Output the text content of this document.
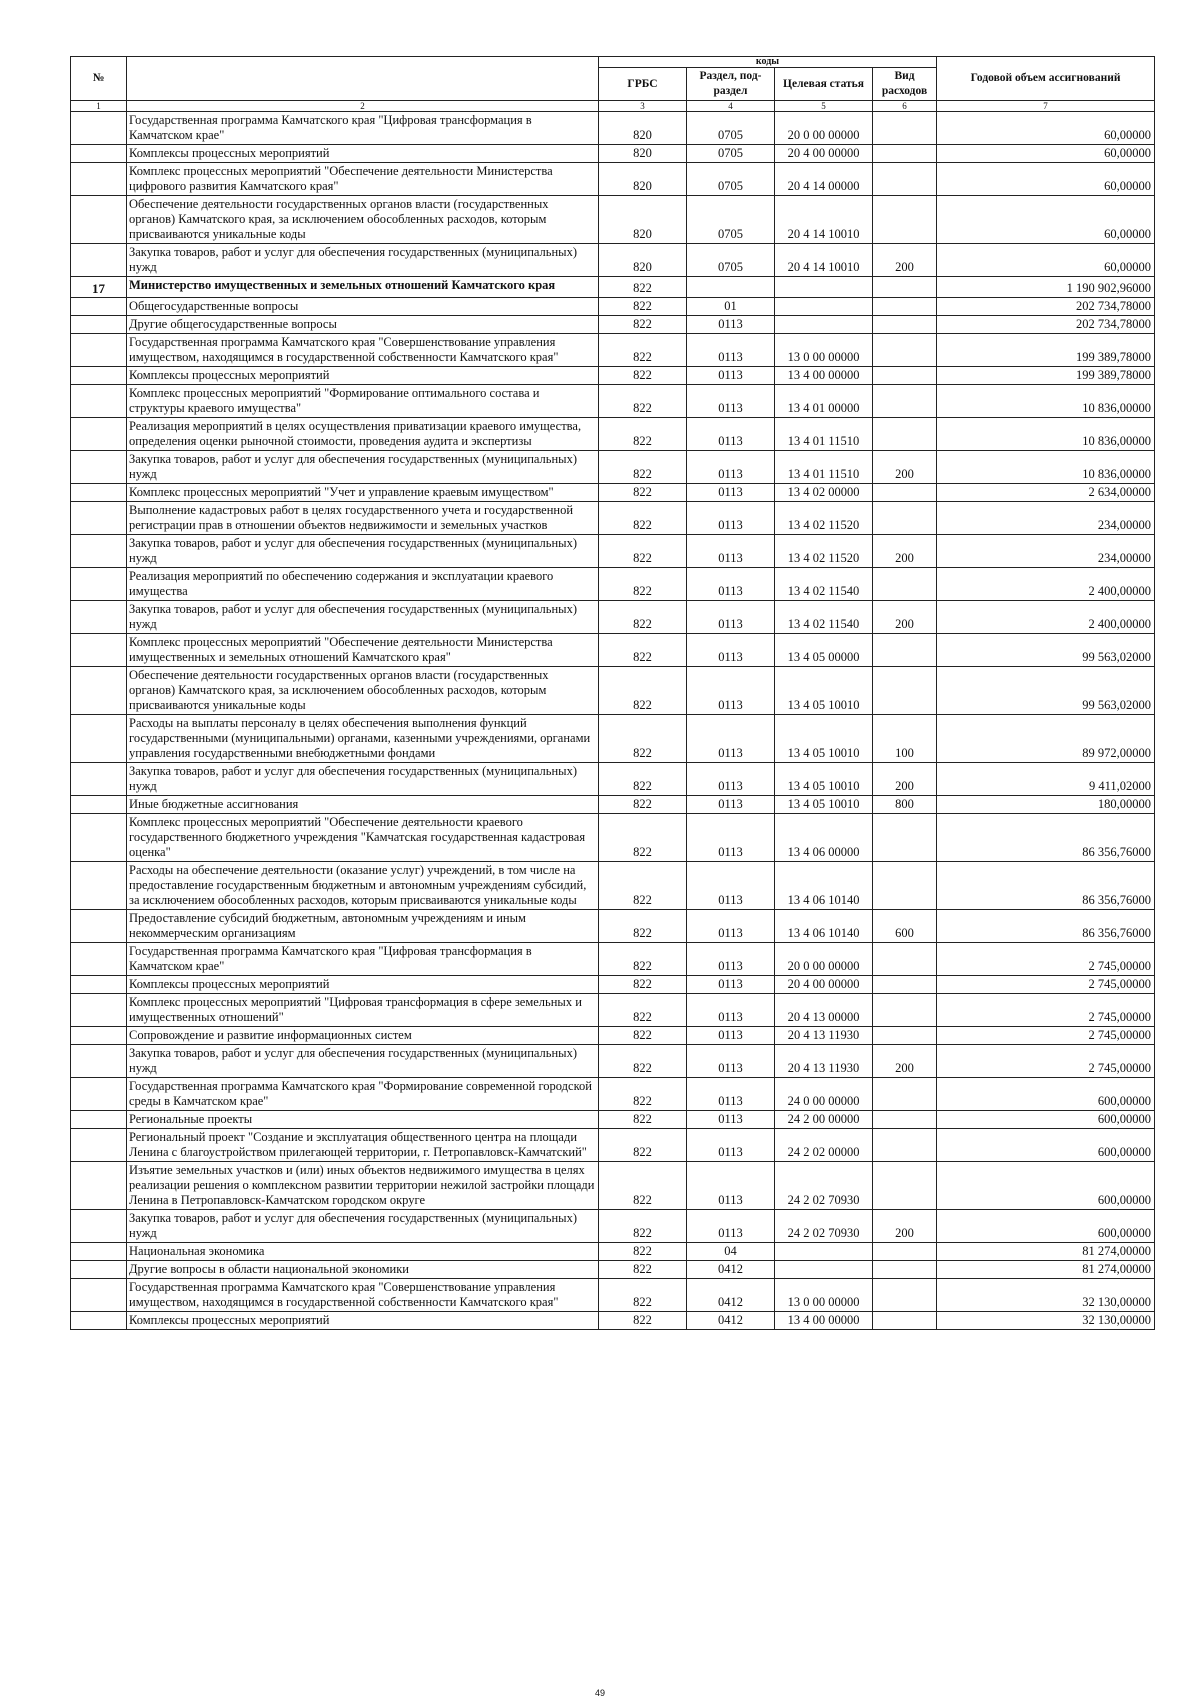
№		коды				Годовой объем ассигнований
		ГРБС	Раздел, под-раздел	Целевая статья	Вид расходов	
1	2	3	4	5	6	7
	Государственная программа Камчатского края "Цифровая трансформация в Камчатском крае"	820	0705	20 0 00 00000		60,00000
	Комплексы процессных мероприятий	820	0705	20 4 00 00000		60,00000
	Комплекс процессных мероприятий "Обеспечение деятельности Министерства цифрового развития Камчатского края"	820	0705	20 4 14 00000		60,00000
	Обеспечение деятельности государственных органов власти (государственных органов) Камчатского края, за исключением обособленных расходов, которым присваиваются уникальные коды	820	0705	20 4 14 10010		60,00000
	Закупка товаров, работ и услуг для обеспечения государственных (муниципальных) нужд	820	0705	20 4 14 10010	200	60,00000
17	Министерство имущественных и земельных отношений Камчатского края	822				1 190 902,96000
	Общегосударственные вопросы	822	01			202 734,78000
	Другие общегосударственные вопросы	822	0113			202 734,78000
	Государственная программа Камчатского края "Совершенствование управления имуществом, находящимся в государственной собственности Камчатского края"	822	0113	13 0 00 00000		199 389,78000
	Комплексы процессных мероприятий	822	0113	13 4 00 00000		199 389,78000
	Комплекс процессных мероприятий "Формирование оптимального состава и структуры краевого имущества"	822	0113	13 4 01 00000		10 836,00000
	Реализация мероприятий в целях осуществления приватизации краевого имущества, определения оценки рыночной стоимости, проведения аудита и экспертизы	822	0113	13 4 01 11510		10 836,00000
	Закупка товаров, работ и услуг для обеспечения государственных (муниципальных) нужд	822	0113	13 4 01 11510	200	10 836,00000
	Комплекс процессных мероприятий "Учет и управление краевым имуществом"	822	0113	13 4 02 00000		2 634,00000
	Выполнение кадастровых работ в целях государственного учета и государственной регистрации прав в отношении объектов недвижимости и земельных участков	822	0113	13 4 02 11520		234,00000
	Закупка товаров, работ и услуг для обеспечения государственных (муниципальных) нужд	822	0113	13 4 02 11520	200	234,00000
	Реализация мероприятий по обеспечению содержания и эксплуатации краевого имущества	822	0113	13 4 02 11540		2 400,00000
	Закупка товаров, работ и услуг для обеспечения государственных (муниципальных) нужд	822	0113	13 4 02 11540	200	2 400,00000
	Комплекс процессных мероприятий "Обеспечение деятельности Министерства имущественных и земельных отношений Камчатского края"	822	0113	13 4 05 00000		99 563,02000
	Обеспечение деятельности государственных органов власти (государственных органов) Камчатского края, за исключением обособленных расходов, которым присваиваются уникальные коды	822	0113	13 4 05 10010		99 563,02000
	Расходы на выплаты персоналу в целях обеспечения выполнения функций государственными (муниципальными) органами, казенными учреждениями, органами управления государственными внебюджетными фондами	822	0113	13 4 05 10010	100	89 972,00000
	Закупка товаров, работ и услуг для обеспечения государственных (муниципальных) нужд	822	0113	13 4 05 10010	200	9 411,02000
	Иные бюджетные ассигнования	822	0113	13 4 05 10010	800	180,00000
	Комплекс процессных мероприятий "Обеспечение деятельности краевого государственного бюджетного учреждения "Камчатская государственная кадастровая оценка"	822	0113	13 4 06 00000		86 356,76000
	Расходы на обеспечение деятельности (оказание услуг) учреждений, в том числе на предоставление государственным бюджетным и автономным учреждениям субсидий, за исключением обособленных расходов, которым присваиваются уникальные коды	822	0113	13 4 06 10140		86 356,76000
	Предоставление субсидий бюджетным, автономным учреждениям и иным некоммерческим организациям	822	0113	13 4 06 10140	600	86 356,76000
	Государственная программа Камчатского края "Цифровая трансформация в Камчатском крае"	822	0113	20 0 00 00000		2 745,00000
	Комплексы процессных мероприятий	822	0113	20 4 00 00000		2 745,00000
	Комплекс процессных мероприятий "Цифровая трансформация в сфере земельных и имущественных отношений"	822	0113	20 4 13 00000		2 745,00000
	Сопровождение и развитие информационных систем	822	0113	20 4 13 11930		2 745,00000
	Закупка товаров, работ и услуг для обеспечения государственных (муниципальных) нужд	822	0113	20 4 13 11930	200	2 745,00000
	Государственная программа Камчатского края "Формирование современной городской среды в Камчатском крае"	822	0113	24 0 00 00000		600,00000
	Региональные проекты	822	0113	24 2 00 00000		600,00000
	Региональный проект "Создание и эксплуатация общественного центра на площади Ленина с благоустройством прилегающей территории, г. Петропавловск-Камчатский"	822	0113	24 2 02 00000		600,00000
	Изъятие земельных участков и (или) иных объектов недвижимого имущества в целях реализации решения о комплексном развитии территории нежилой застройки площади Ленина в Петропавловск-Камчатском городском округе	822	0113	24 2 02 70930		600,00000
	Закупка товаров, работ и услуг для обеспечения государственных (муниципальных) нужд	822	0113	24 2 02 70930	200	600,00000
	Национальная экономика	822	04			81 274,00000
	Другие вопросы в области национальной экономики	822	0412			81 274,00000
	Государственная программа Камчатского края "Совершенствование управления имуществом, находящимся в государственной собственности Камчатского края"	822	0412	13 0 00 00000		32 130,00000
	Комплексы процессных мероприятий	822	0412	13 4 00 00000		32 130,00000
49
